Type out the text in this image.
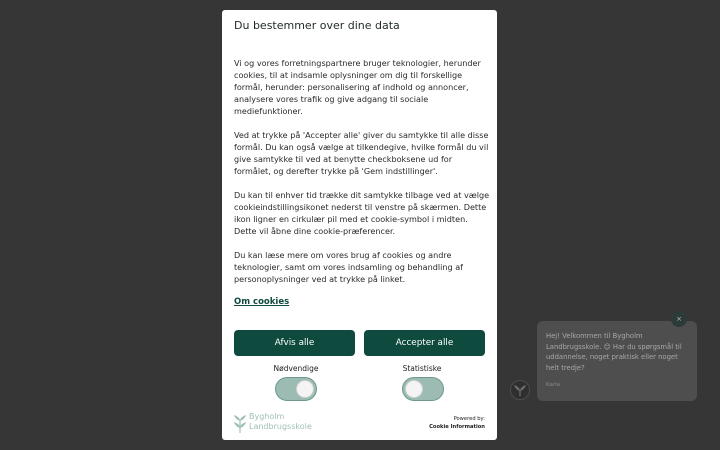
Du bestemmer over dine data

Vi og vores forretningspartnere bruger teknologier, herunder cookies, til at indsamle oplysninger om dig til forskellige formål, herunder: personalisering af indhold og annoncer, analysere vores trafik og give adgang til sociale mediefunktioner.

Ved at trykke på 'Accepter alle' giver du samtykke til alle disse formål. Du kan også vælge at tilkendegive, hvilke formål du vil give samtykke til ved at benytte checkboksene ud for formålet, og derefter trykke på 'Gem indstillinger'.

Du kan til enhver tid trække dit samtykke tilbage ved at vælge cookieindstillingsikonet nederst til venstre på skærmen. Dette ikon ligner en cirkulær pil med et cookie-symbol i midten. Dette vil åbne dine cookie-præferencer.

Du kan læse mere om vores brug af cookies og andre teknologier, samt om vores indsamling og behandling af personoplysninger ved at trykke på linket.

Om cookies
Afvis alle	Accepter alle
Nødvendige	Statistiske
Bygholm
Landbrugsskole
Powered by:
Cookie Information
Hej! Velkommen til Bygholm Landbrugsskole. 😊 Har du spørgsmål til uddannelse, noget praktisk eller noget helt tredje?
Karla
×
